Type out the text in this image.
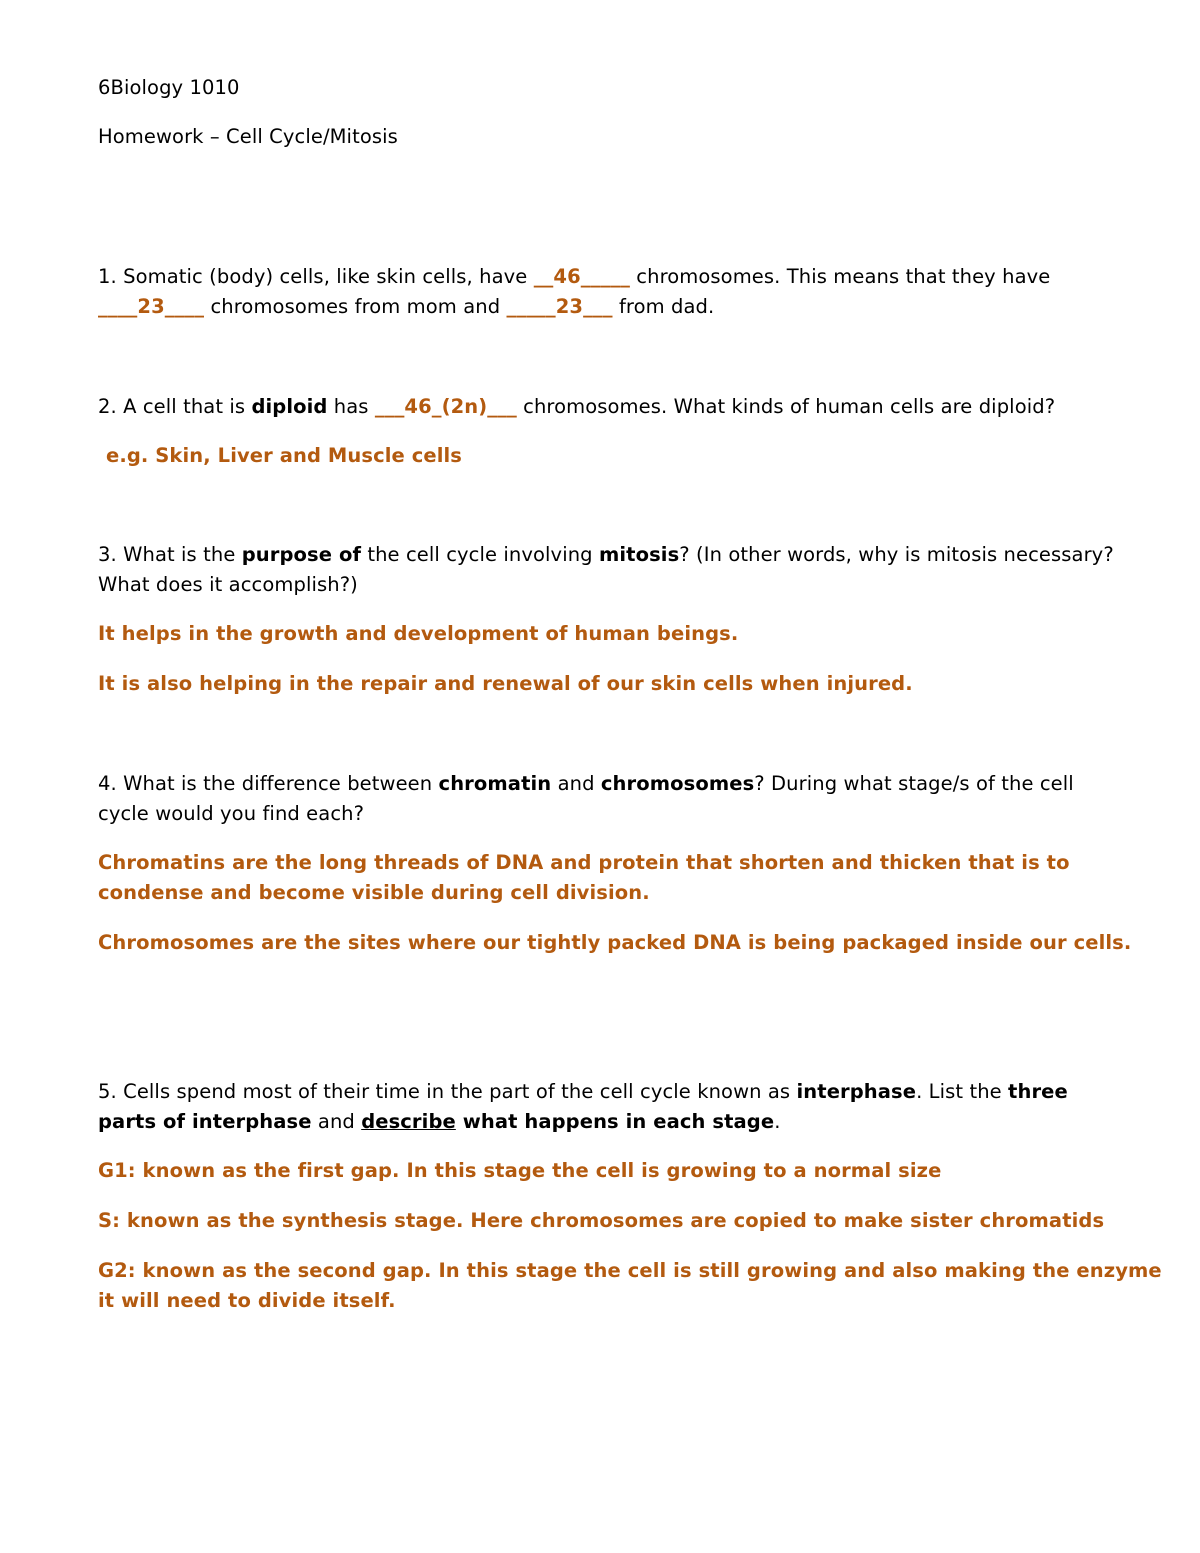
6Biology 1010
Homework – Cell Cycle/Mitosis
1. Somatic (body) cells, like skin cells, have __46_____ chromosomes. This means that they have
____23____ chromosomes from mom and _____23___ from dad.
2. A cell that is diploid has ___46_(2n)___ chromosomes. What kinds of human cells are diploid?
e.g. Skin, Liver and Muscle cells
3. What is the purpose of the cell cycle involving mitosis? (In other words, why is mitosis necessary?
What does it accomplish?)
It helps in the growth and development of human beings.
It is also helping in the repair and renewal of our skin cells when injured.
4. What is the difference between chromatin and chromosomes? During what stage/s of the cell
cycle would you find each?
Chromatins are the long threads of DNA and protein that shorten and thicken that is to
condense and become visible during cell division.
Chromosomes are the sites where our tightly packed DNA is being packaged inside our cells.
5. Cells spend most of their time in the part of the cell cycle known as interphase. List the three
parts of interphase and describe what happens in each stage.
G1: known as the first gap. In this stage the cell is growing to a normal size
S: known as the synthesis stage. Here chromosomes are copied to make sister chromatids
G2: known as the second gap. In this stage the cell is still growing and also making the enzyme
it will need to divide itself.
